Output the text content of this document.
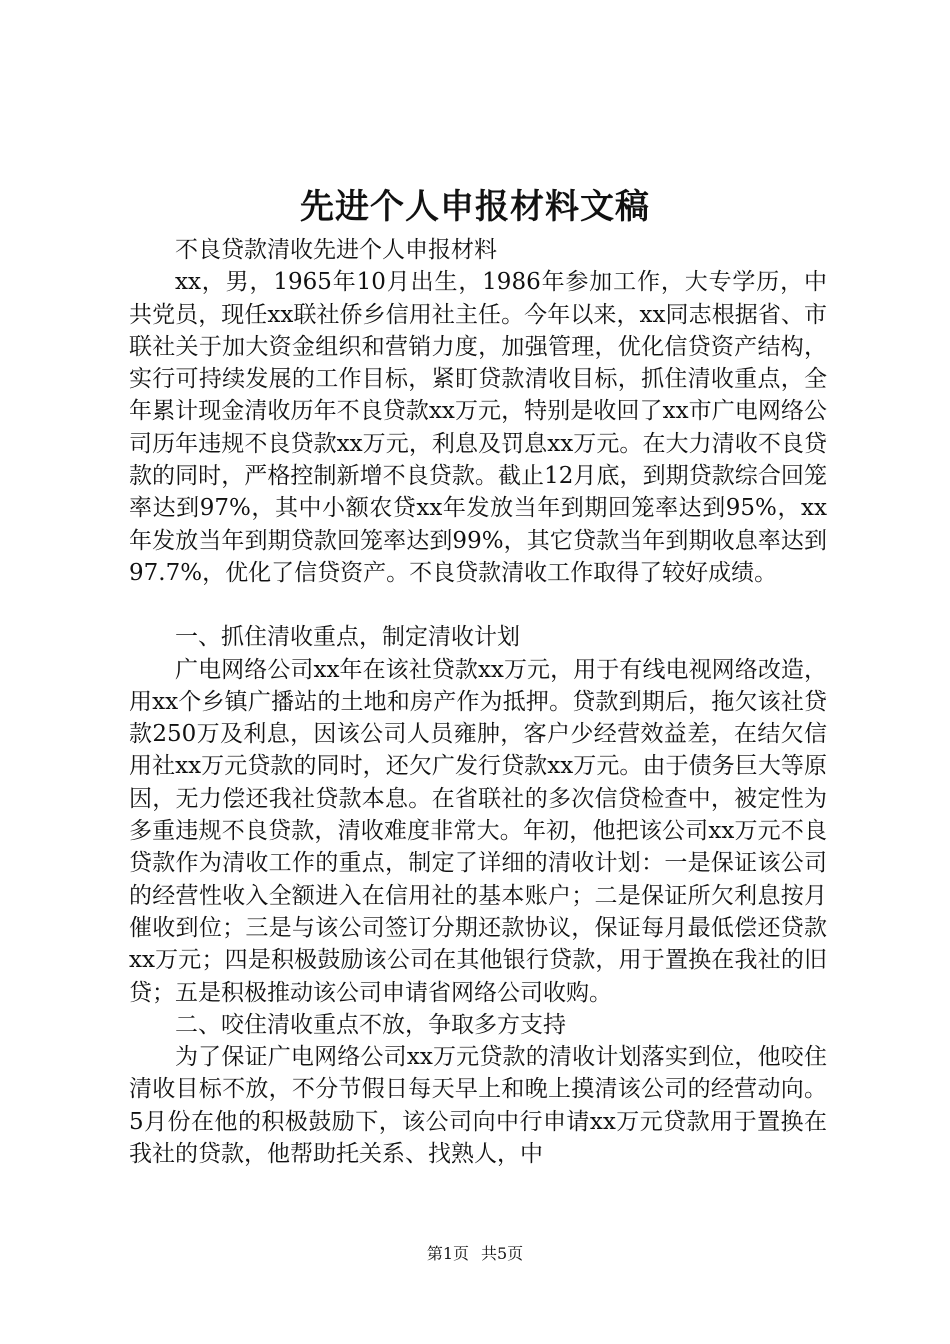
先进个人申报材料文稿

不良贷款清收先进个人申报材料

xx，男，1965年10月出生，1986年参加工作，大专学历，中共党员，现任xx联社侨乡信用社主任。今年以来，xx同志根据省、市联社关于加大资金组织和营销力度，加强管理，优化信贷资产结构，实行可持续发展的工作目标，紧盯贷款清收目标，抓住清收重点，全年累计现金清收历年不良贷款xx万元，特别是收回了xx市广电网络公司历年违规不良贷款xx万元，利息及罚息xx万元。在大力清收不良贷款的同时，严格控制新增不良贷款。截止12月底，到期贷款综合回笼率达到97%，其中小额农贷xx年发放当年到期回笼率达到95%，xx年发放当年到期贷款回笼率达到99%，其它贷款当年到期收息率达到97.7%，优化了信贷资产。不良贷款清收工作取得了较好成绩。

一、抓住清收重点，制定清收计划

广电网络公司xx年在该社贷款xx万元，用于有线电视网络改造，用xx个乡镇广播站的土地和房产作为抵押。贷款到期后，拖欠该社贷款250万及利息，因该公司人员雍肿，客户少经营效益差，在结欠信用社xx万元贷款的同时，还欠广发行贷款xx万元。由于债务巨大等原因，无力偿还我社贷款本息。在省联社的多次信贷检查中，被定性为多重违规不良贷款，清收难度非常大。年初，他把该公司xx万元不良贷款作为清收工作的重点，制定了详细的清收计划：一是保证该公司的经营性收入全额进入在信用社的基本账户；二是保证所欠利息按月催收到位；三是与该公司签订分期还款协议，保证每月最低偿还贷款xx万元；四是积极鼓励该公司在其他银行贷款，用于置换在我社的旧贷；五是积极推动该公司申请省网络公司收购。

二、咬住清收重点不放，争取多方支持

为了保证广电网络公司xx万元贷款的清收计划落实到位，他咬住清收目标不放，不分节假日每天早上和晚上摸清该公司的经营动向。5月份在他的积极鼓励下，该公司向中行申请xx万元贷款用于置换在我社的贷款，他帮助托关系、找熟人，中

第1页 共5页
